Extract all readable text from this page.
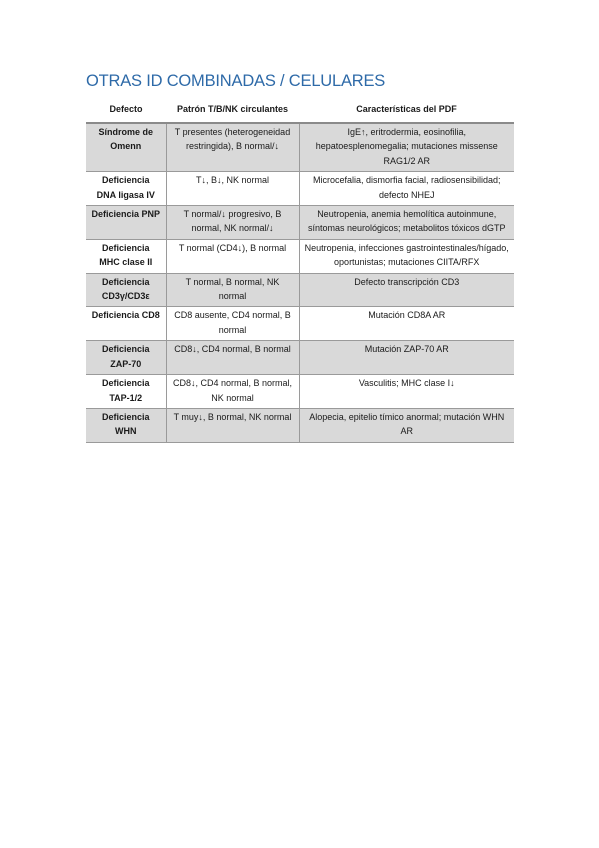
OTRAS ID COMBINADAS / CELULARES
Defecto	Patrón T/B/NK circulantes	Características del PDF
Síndrome de Omenn	T presentes (heterogeneidad restringida), B normal/↓	IgE↑, eritrodermia, eosinofilia, hepatoesplenomegalia; mutaciones missense RAG1/2 AR
Deficiencia DNA ligasa IV	T↓, B↓, NK normal	Microcefalia, dismorfia facial, radiosensibilidad; defecto NHEJ
Deficiencia PNP	T normal/↓ progresivo, B normal, NK normal/↓	Neutropenia, anemia hemolítica autoinmune, síntomas neurológicos; metabolitos tóxicos dGTP
Deficiencia MHC clase II	T normal (CD4↓), B normal	Neutropenia, infecciones gastrointestinales/hígado, oportunistas; mutaciones CIITA/RFX
Deficiencia CD3γ/CD3ε	T normal, B normal, NK normal	Defecto transcripción CD3
Deficiencia CD8	CD8 ausente, CD4 normal, B normal	Mutación CD8A AR
Deficiencia ZAP-70	CD8↓, CD4 normal, B normal	Mutación ZAP-70 AR
Deficiencia TAP-1/2	CD8↓, CD4 normal, B normal, NK normal	Vasculitis; MHC clase I↓
Deficiencia WHN	T muy↓, B normal, NK normal	Alopecia, epitelio tímico anormal; mutación WHN AR
